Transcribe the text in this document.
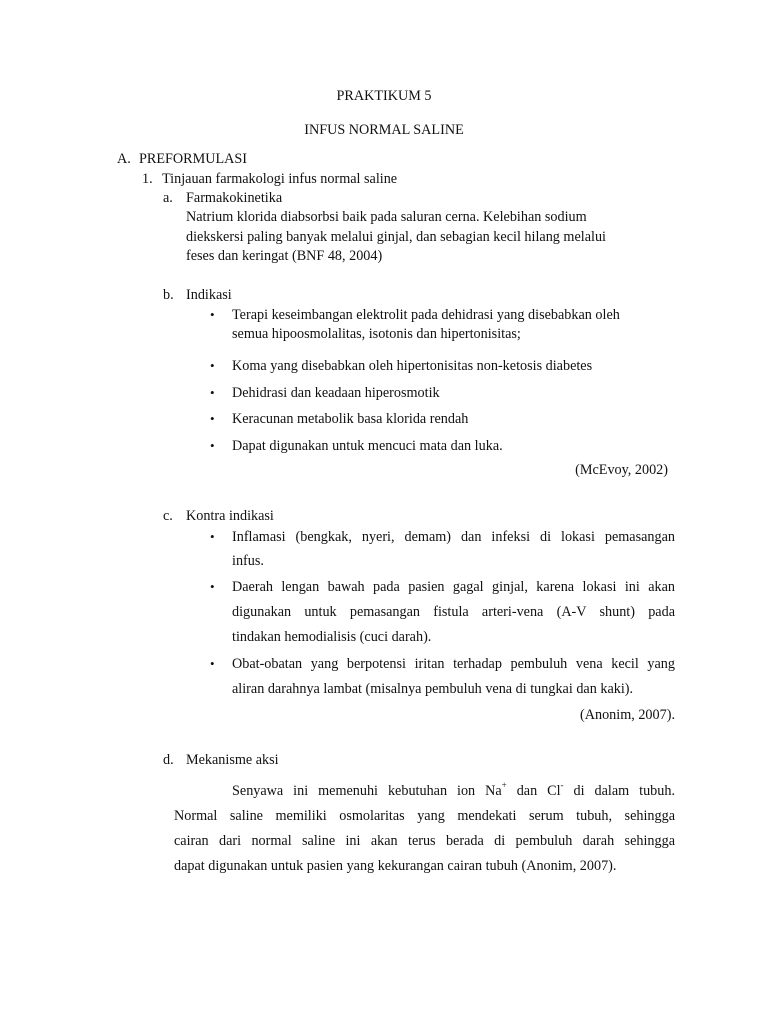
PRAKTIKUM 5
INFUS NORMAL SALINE
A. PREFORMULASI
1. Tinjauan farmakologi infus normal saline
a. Farmakokinetika
Natrium klorida diabsorbsi baik pada saluran cerna. Kelebihan sodium
diekskersi paling banyak melalui ginjal, dan sebagian kecil hilang melalui
feses dan keringat (BNF 48, 2004)
b. Indikasi
• Terapi keseimbangan elektrolit pada dehidrasi yang disebabkan oleh
semua hipoosmolalitas, isotonis dan hipertonisitas;
• Koma yang disebabkan oleh hipertonisitas non-ketosis diabetes
• Dehidrasi dan keadaan hiperosmotik
• Keracunan metabolik basa klorida rendah
• Dapat digunakan untuk mencuci mata dan luka.
(McEvoy, 2002)
c. Kontra indikasi
• Inflamasi (bengkak, nyeri, demam) dan infeksi di lokasi pemasangan
infus.
• Daerah lengan bawah pada pasien gagal ginjal, karena lokasi ini akan
digunakan untuk pemasangan fistula arteri-vena (A-V shunt) pada
tindakan hemodialisis (cuci darah).
• Obat-obatan yang berpotensi iritan terhadap pembuluh vena kecil yang
aliran darahnya lambat (misalnya pembuluh vena di tungkai dan kaki).
(Anonim, 2007).
d. Mekanisme aksi
Senyawa ini memenuhi kebutuhan ion Na+ dan Cl- di dalam tubuh.
Normal saline memiliki osmolaritas yang mendekati serum tubuh, sehingga
cairan dari normal saline ini akan terus berada di pembuluh darah sehingga
dapat digunakan untuk pasien yang kekurangan cairan tubuh (Anonim, 2007).
